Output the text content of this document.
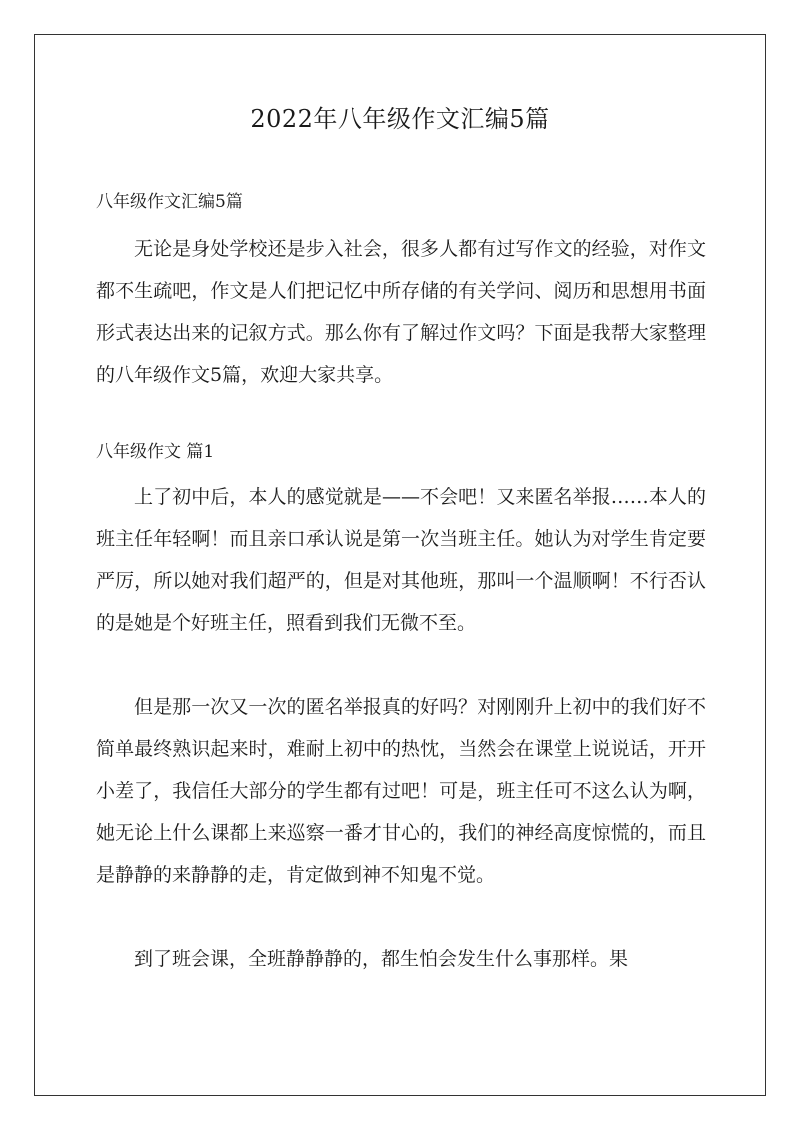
2022年八年级作文汇编5篇
八年级作文汇编5篇

无论是身处学校还是步入社会，很多人都有过写作文的经验，对作文都不生疏吧，作文是人们把记忆中所存储的有关学问、阅历和思想用书面形式表达出来的记叙方式。那么你有了解过作文吗？下面是我帮大家整理的八年级作文5篇，欢迎大家共享。

八年级作文 篇1

上了初中后，本人的感觉就是——不会吧！又来匿名举报……本人的班主任年轻啊！而且亲口承认说是第一次当班主任。她认为对学生肯定要严厉，所以她对我们超严的，但是对其他班，那叫一个温顺啊！不行否认的是她是个好班主任，照看到我们无微不至。

但是那一次又一次的匿名举报真的好吗？对刚刚升上初中的我们好不简单最终熟识起来时，难耐上初中的热忱，当然会在课堂上说说话，开开小差了，我信任大部分的学生都有过吧！可是，班主任可不这么认为啊，她无论上什么课都上来巡察一番才甘心的，我们的神经高度惊慌的，而且是静静的来静静的走，肯定做到神不知鬼不觉。

到了班会课，全班静静静的，都生怕会发生什么事那样。果
